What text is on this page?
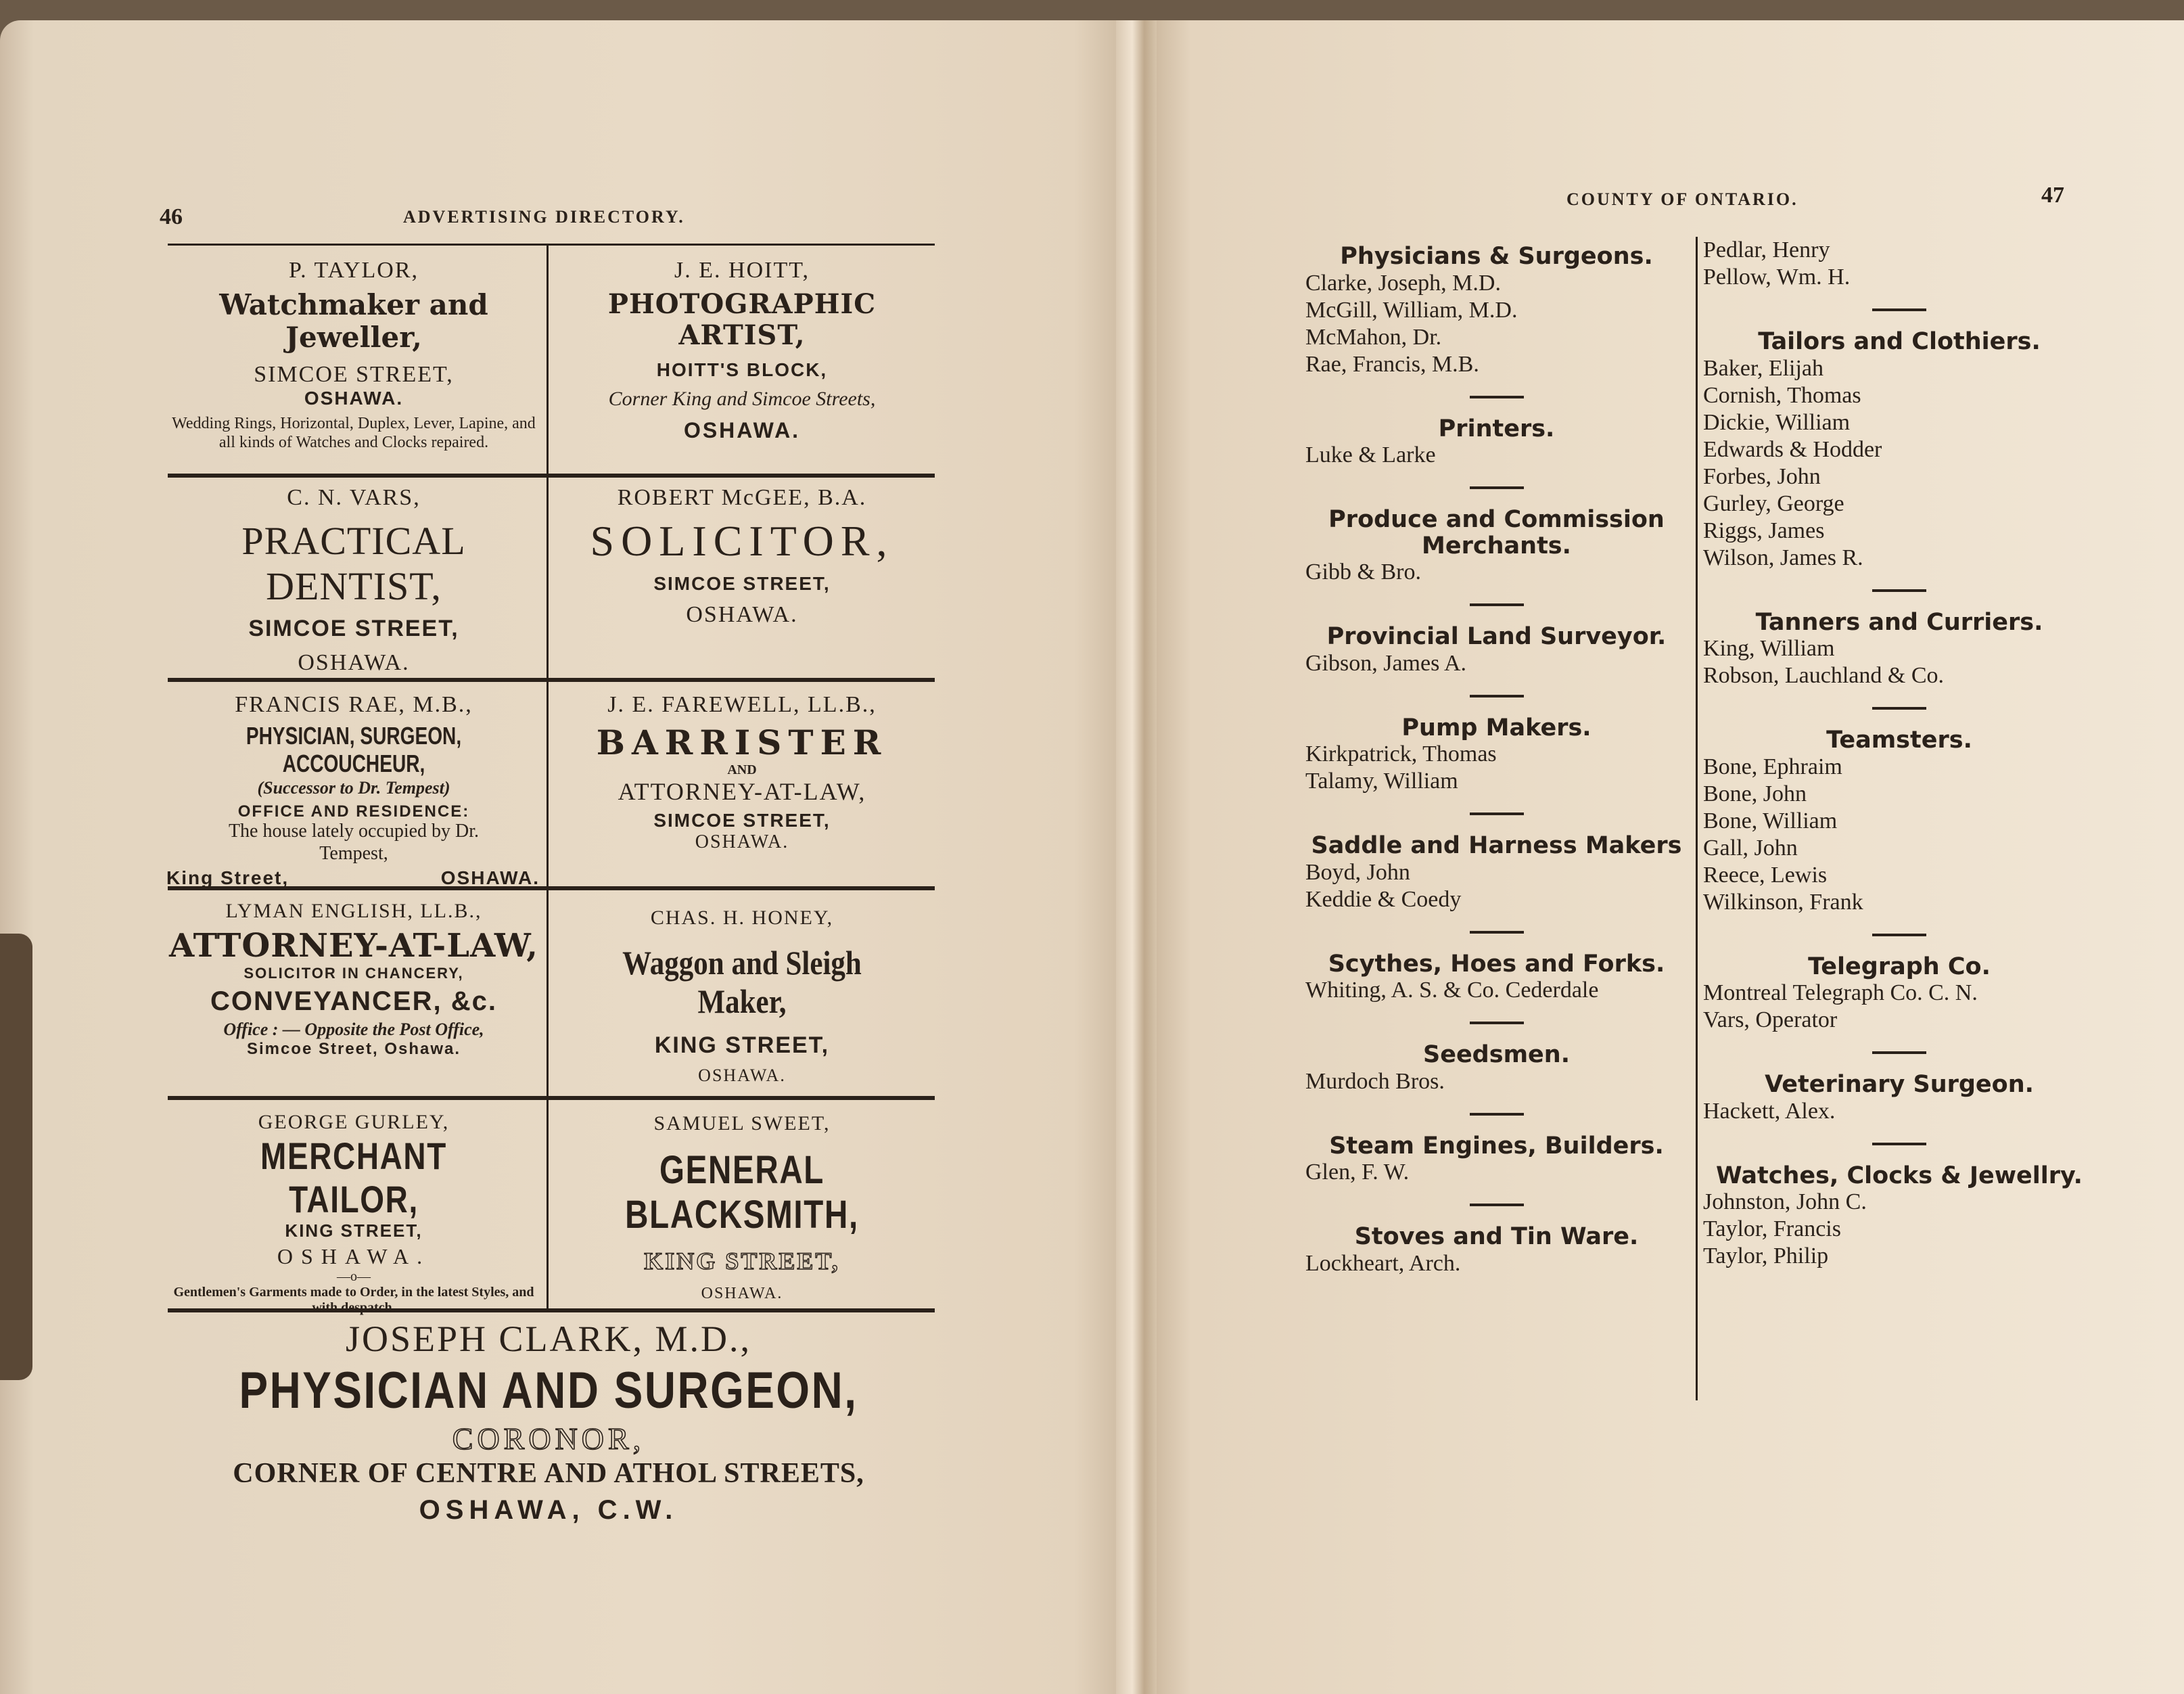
46	ADVERTISING DIRECTORY.
P. TAYLOR,
Watchmaker and Jeweller,
SIMCOE STREET,
OSHAWA.
Wedding Rings, Horizontal, Duplex, Lever, Lapine, and all kinds of Watches and Clocks repaired.
J. E. HOITT,
PHOTOGRAPHIC ARTIST,
HOITT'S BLOCK,
Corner King and Simcoe Streets,
OSHAWA.
C. N. VARS,
PRACTICAL DENTIST,
SIMCOE STREET,
OSHAWA.
ROBERT McGEE, B.A.
SOLICITOR,
SIMCOE STREET,
OSHAWA.
FRANCIS RAE, M.B.,
PHYSICIAN, SURGEON, ACCOUCHEUR,
(Successor to Dr. Tempest)
OFFICE AND RESIDENCE:
The house lately occupied by Dr. Tempest,
King Street,	OSHAWA.
J. E. FAREWELL, LL.B.,
BARRISTER
AND
ATTORNEY-AT-LAW,
SIMCOE STREET,
OSHAWA.
LYMAN ENGLISH, LL.B.,
ATTORNEY-AT-LAW,
SOLICITOR IN CHANCERY,
CONVEYANCER, &c.
Office : — Opposite the Post Office,
Simcoe Street, Oshawa.
CHAS. H. HONEY,
Waggon and Sleigh Maker,
KING STREET,
OSHAWA.
GEORGE GURLEY,
MERCHANT TAILOR,
KING STREET,
OSHAWA.
—o—
Gentlemen's Garments made to Order, in the latest Styles, and with despatch.
SAMUEL SWEET,
GENERAL BLACKSMITH,
KING STREET,
OSHAWA.
JOSEPH CLARK, M.D.,
PHYSICIAN AND SURGEON,
CORONOR,
CORNER OF CENTRE AND ATHOL STREETS,
OSHAWA, C.W.
COUNTY OF ONTARIO.	47
Physicians & Surgeons.
Clarke, Joseph, M.D.
McGill, William, M.D.
McMahon, Dr.
Rae, Francis, M.B.
Printers.
Luke & Larke
Produce and Commission Merchants.
Gibb & Bro.
Provincial Land Surveyor.
Gibson, James A.
Pump Makers.
Kirkpatrick, Thomas
Talamy, William
Saddle and Harness Makers
Boyd, John
Keddie & Coedy
Scythes, Hoes and Forks.
Whiting, A. S. & Co. Cederdale
Seedsmen.
Murdoch Bros.
Steam Engines, Builders.
Glen, F. W.
Stoves and Tin Ware.
Lockheart, Arch.
Pedlar, Henry
Pellow, Wm. H.
Tailors and Clothiers.
Baker, Elijah
Cornish, Thomas
Dickie, William
Edwards & Hodder
Forbes, John
Gurley, George
Riggs, James
Wilson, James R.
Tanners and Curriers.
King, William
Robson, Lauchland & Co.
Teamsters.
Bone, Ephraim
Bone, John
Bone, William
Gall, John
Reece, Lewis
Wilkinson, Frank
Telegraph Co.
Montreal Telegraph Co. C. N.
Vars, Operator
Veterinary Surgeon.
Hackett, Alex.
Watches, Clocks & Jewellry.
Johnston, John C.
Taylor, Francis
Taylor, Philip
